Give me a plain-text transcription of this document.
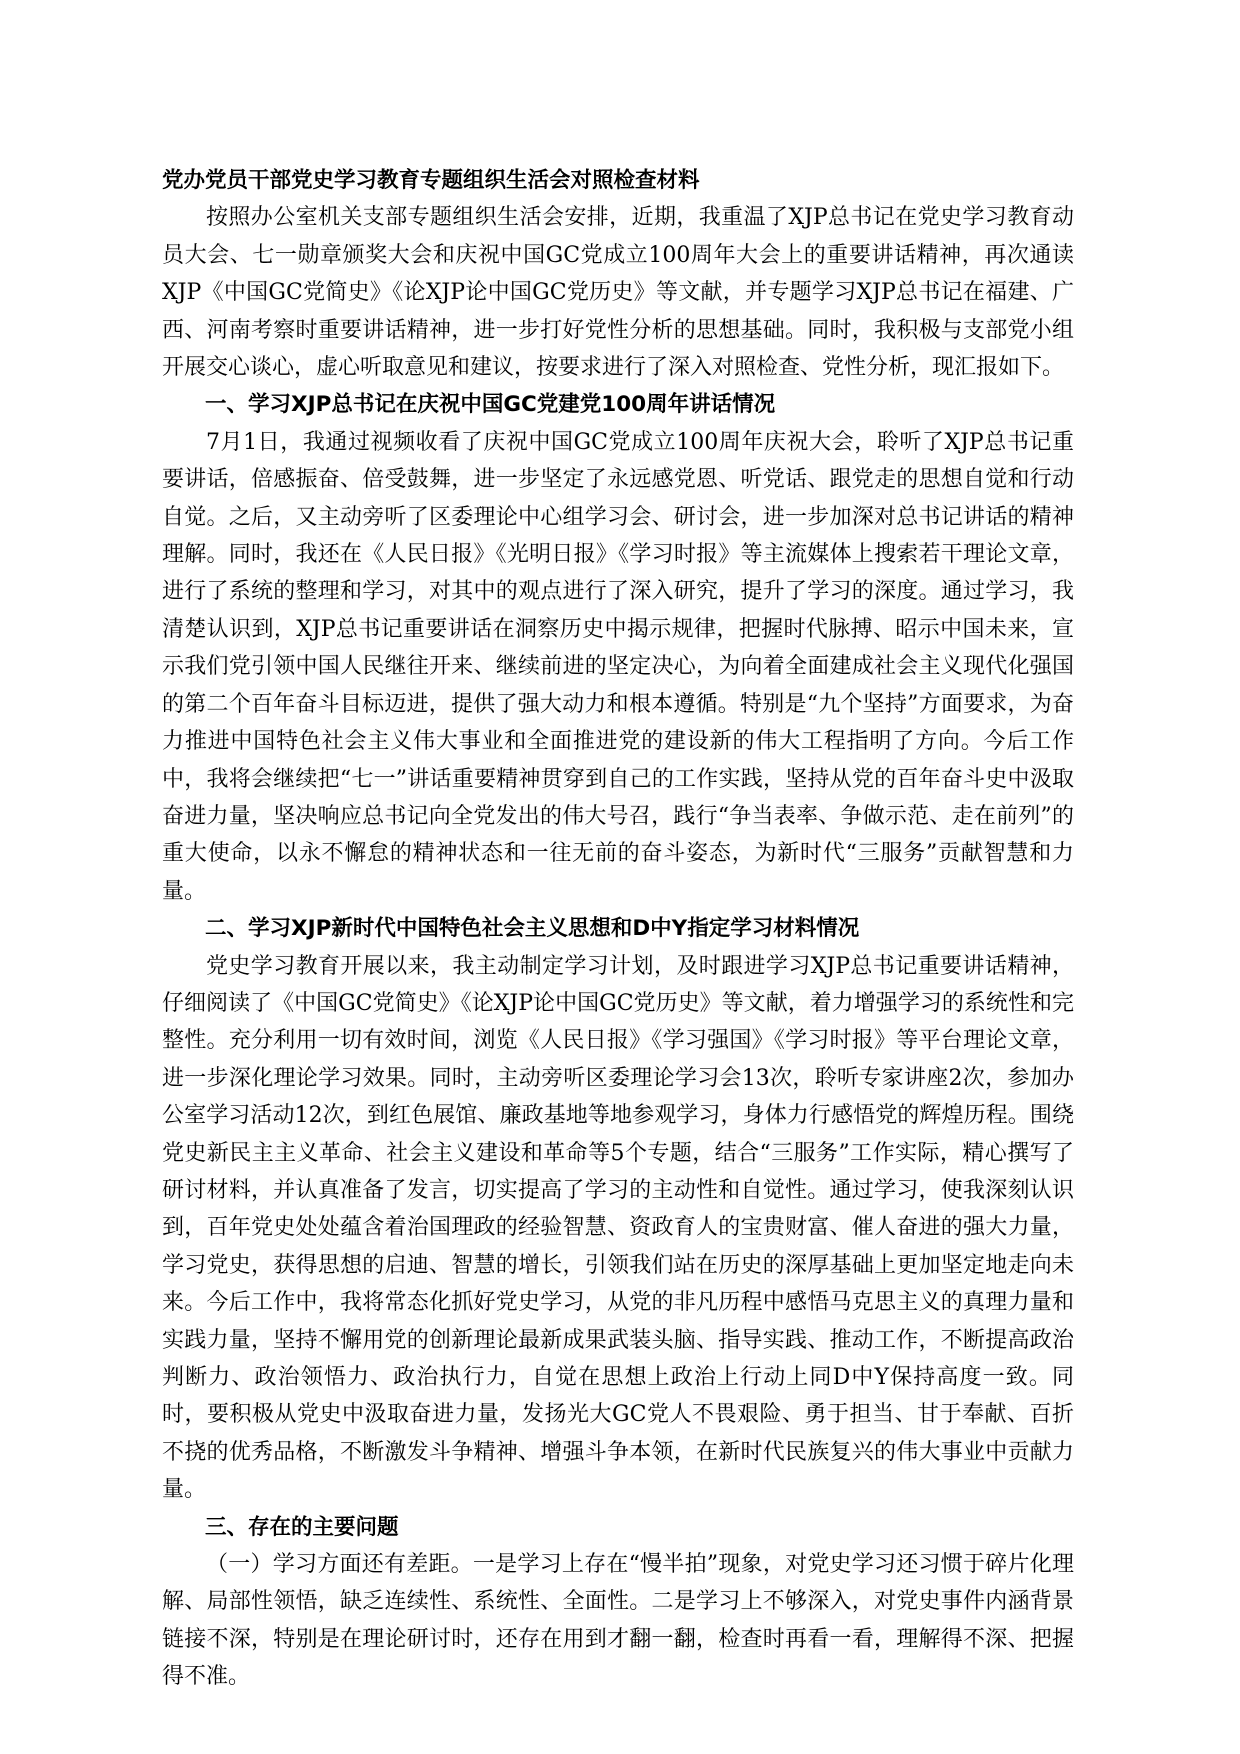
党办党员干部党史学习教育专题组织生活会对照检查材料

按照办公室机关支部专题组织生活会安排，近期，我重温了XJP总书记在党史学习教育动员大会、七一勋章颁奖大会和庆祝中国GC党成立100周年大会上的重要讲话精神，再次通读XJP《中国GC党简史》《论XJP论中国GC党历史》等文献，并专题学习XJP总书记在福建、广西、河南考察时重要讲话精神，进一步打好党性分析的思想基础。同时，我积极与支部党小组开展交心谈心，虚心听取意见和建议，按要求进行了深入对照检查、党性分析，现汇报如下。

一、学习XJP总书记在庆祝中国GC党建党100周年讲话情况

7月1日，我通过视频收看了庆祝中国GC党成立100周年庆祝大会，聆听了XJP总书记重要讲话，倍感振奋、倍受鼓舞，进一步坚定了永远感党恩、听党话、跟党走的思想自觉和行动自觉。之后，又主动旁听了区委理论中心组学习会、研讨会，进一步加深对总书记讲话的精神理解。同时，我还在《人民日报》《光明日报》《学习时报》等主流媒体上搜索若干理论文章，进行了系统的整理和学习，对其中的观点进行了深入研究，提升了学习的深度。通过学习，我清楚认识到，XJP总书记重要讲话在洞察历史中揭示规律，把握时代脉搏、昭示中国未来，宣示我们党引领中国人民继往开来、继续前进的坚定决心，为向着全面建成社会主义现代化强国的第二个百年奋斗目标迈进，提供了强大动力和根本遵循。特别是“九个坚持”方面要求，为奋力推进中国特色社会主义伟大事业和全面推进党的建设新的伟大工程指明了方向。今后工作中，我将会继续把“七一”讲话重要精神贯穿到自己的工作实践，坚持从党的百年奋斗史中汲取奋进力量，坚决响应总书记向全党发出的伟大号召，践行“争当表率、争做示范、走在前列”的重大使命，以永不懈怠的精神状态和一往无前的奋斗姿态，为新时代“三服务”贡献智慧和力量。

二、学习XJP新时代中国特色社会主义思想和D中Y指定学习材料情况

党史学习教育开展以来，我主动制定学习计划，及时跟进学习XJP总书记重要讲话精神，仔细阅读了《中国GC党简史》《论XJP论中国GC党历史》等文献，着力增强学习的系统性和完整性。充分利用一切有效时间，浏览《人民日报》《学习强国》《学习时报》等平台理论文章，进一步深化理论学习效果。同时，主动旁听区委理论学习会13次，聆听专家讲座2次，参加办公室学习活动12次，到红色展馆、廉政基地等地参观学习，身体力行感悟党的辉煌历程。围绕党史新民主主义革命、社会主义建设和革命等5个专题，结合“三服务”工作实际，精心撰写了研讨材料，并认真准备了发言，切实提高了学习的主动性和自觉性。通过学习，使我深刻认识到，百年党史处处蕴含着治国理政的经验智慧、资政育人的宝贵财富、催人奋进的强大力量，学习党史，获得思想的启迪、智慧的增长，引领我们站在历史的深厚基础上更加坚定地走向未来。今后工作中，我将常态化抓好党史学习，从党的非凡历程中感悟马克思主义的真理力量和实践力量，坚持不懈用党的创新理论最新成果武装头脑、指导实践、推动工作，不断提高政治判断力、政治领悟力、政治执行力，自觉在思想上政治上行动上同D中Y保持高度一致。同时，要积极从党史中汲取奋进力量，发扬光大GC党人不畏艰险、勇于担当、甘于奉献、百折不挠的优秀品格，不断激发斗争精神、增强斗争本领，在新时代民族复兴的伟大事业中贡献力量。

三、存在的主要问题

（一）学习方面还有差距。一是学习上存在“慢半拍”现象，对党史学习还习惯于碎片化理解、局部性领悟，缺乏连续性、系统性、全面性。二是学习上不够深入，对党史事件内涵背景链接不深，特别是在理论研讨时，还存在用到才翻一翻，检查时再看一看，理解得不深、把握得不准。
